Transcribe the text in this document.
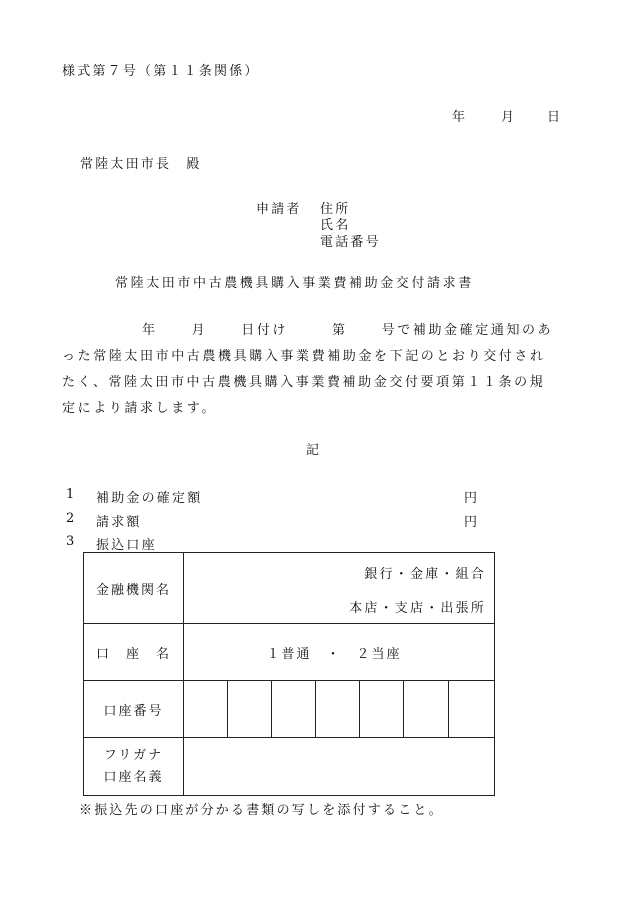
様式第７号（第１１条関係）
年	月 日
常陸太田市長　殿
申請者 住所
氏名
電話番号
常陸太田市中古農機具購入事業費補助金交付請求書
年	月	日付け	第	号で補助金確定通知のあ
った常陸太田市中古農機具購入事業費補助金を下記のとおり交付され
たく、常陸太田市中古農機具購入事業費補助金交付要項第１１条の規
定により請求します。
記
1 補助金の確定額	円
2 請求額	円
3 振込口座
金融機関名	銀行・金庫・組合
本店・支店・出張所						

口　座　名	１普通　・　２当座						
口座番号							

フリガナ
口座名義							

※振込先の口座が分かる書類の写しを添付すること。
